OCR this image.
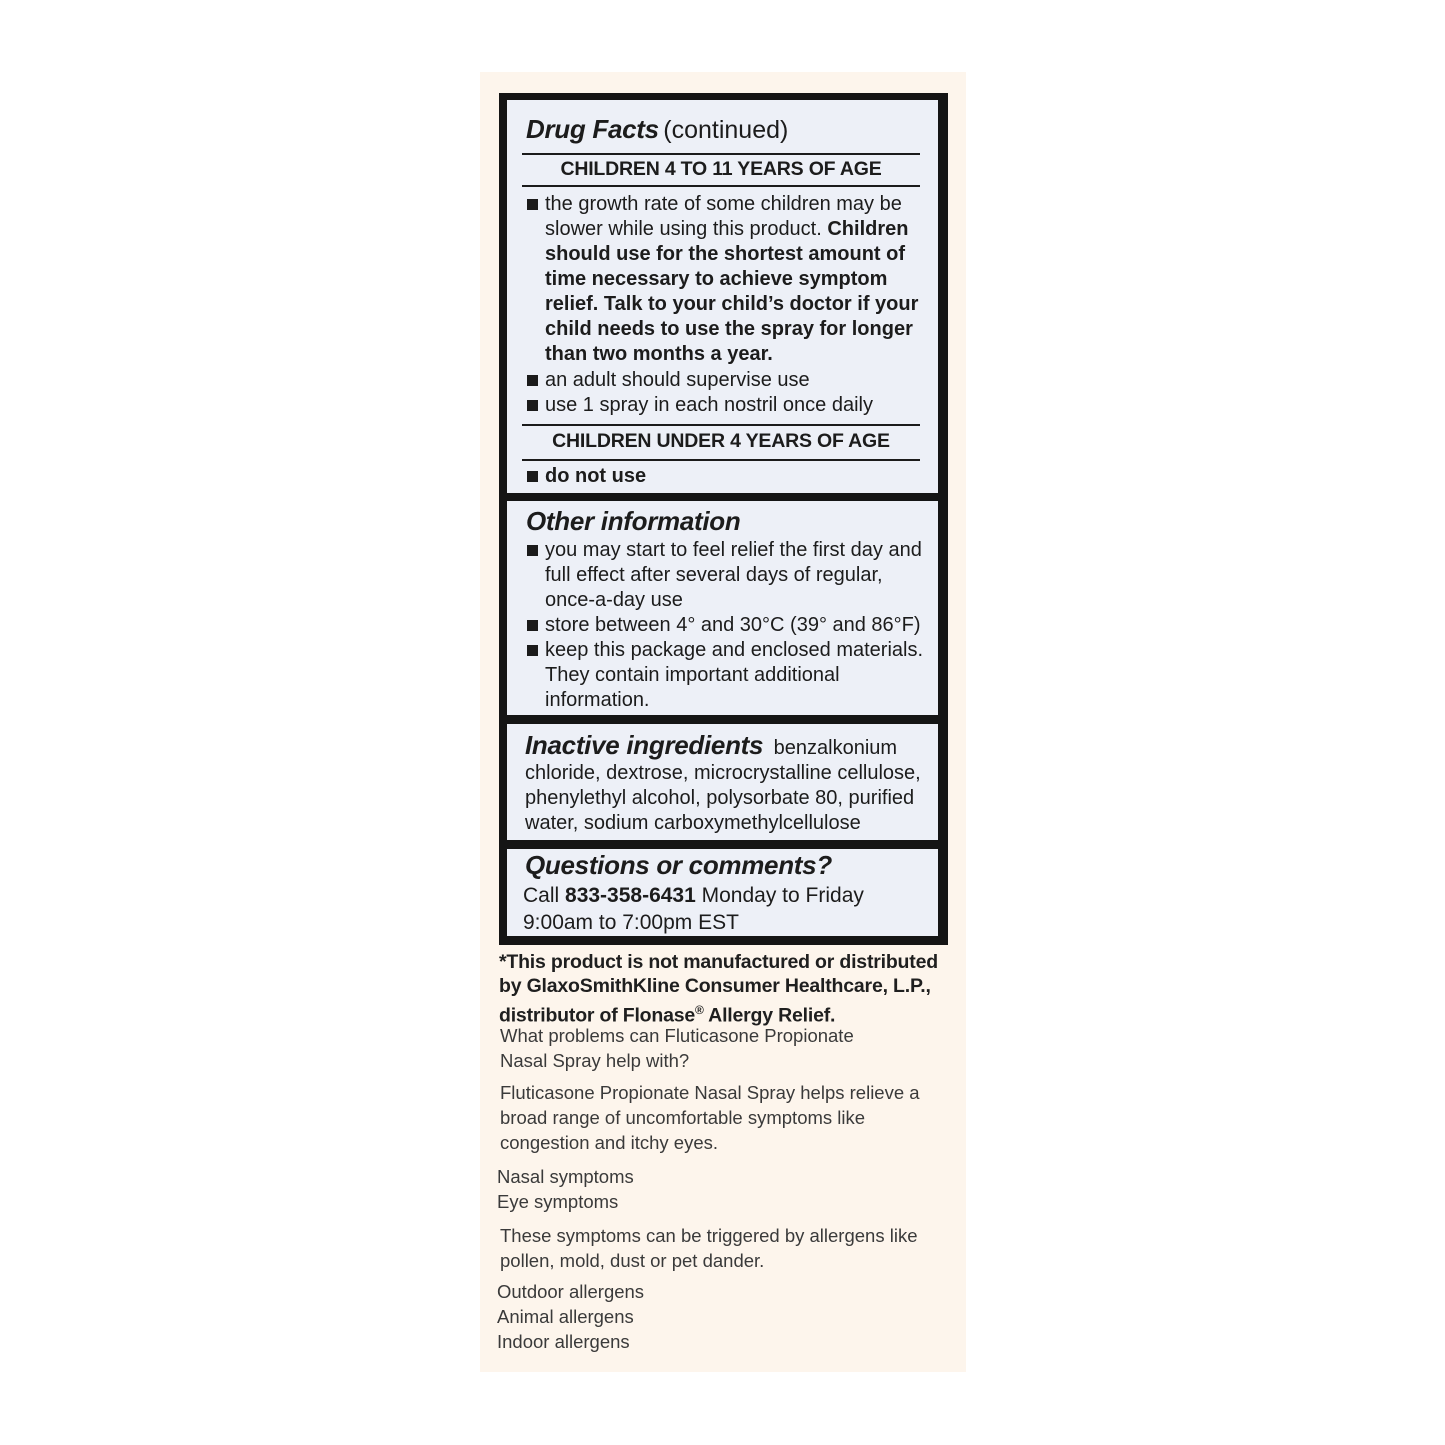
Drug Facts (continued)
CHILDREN 4 TO 11 YEARS OF AGE
the growth rate of some children may be
slower while using this product. Children
should use for the shortest amount of
time necessary to achieve symptom
relief. Talk to your child’s doctor if your
child needs to use the spray for longer
than two months a year.
an adult should supervise use
use 1 spray in each nostril once daily
CHILDREN UNDER 4 YEARS OF AGE
do not use
Other information
you may start to feel relief the first day and
full effect after several days of regular,
once-a-day use
store between 4° and 30°C (39° and 86°F)
keep this package and enclosed materials.
They contain important additional
information.
Inactive ingredients benzalkonium
chloride, dextrose, microcrystalline cellulose,
phenylethyl alcohol, polysorbate 80, purified
water, sodium carboxymethylcellulose
Questions or comments?
Call 833-358-6431 Monday to Friday
9:00am to 7:00pm EST
*This product is not manufactured or distributed
by GlaxoSmithKline Consumer Healthcare, L.P.,
distributor of Flonase® Allergy Relief.
What problems can Fluticasone Propionate
Nasal Spray help with?
Fluticasone Propionate Nasal Spray helps relieve a
broad range of uncomfortable symptoms like
congestion and itchy eyes.
Nasal symptoms
Eye symptoms
These symptoms can be triggered by allergens like
pollen, mold, dust or pet dander.
Outdoor allergens
Animal allergens
Indoor allergens
